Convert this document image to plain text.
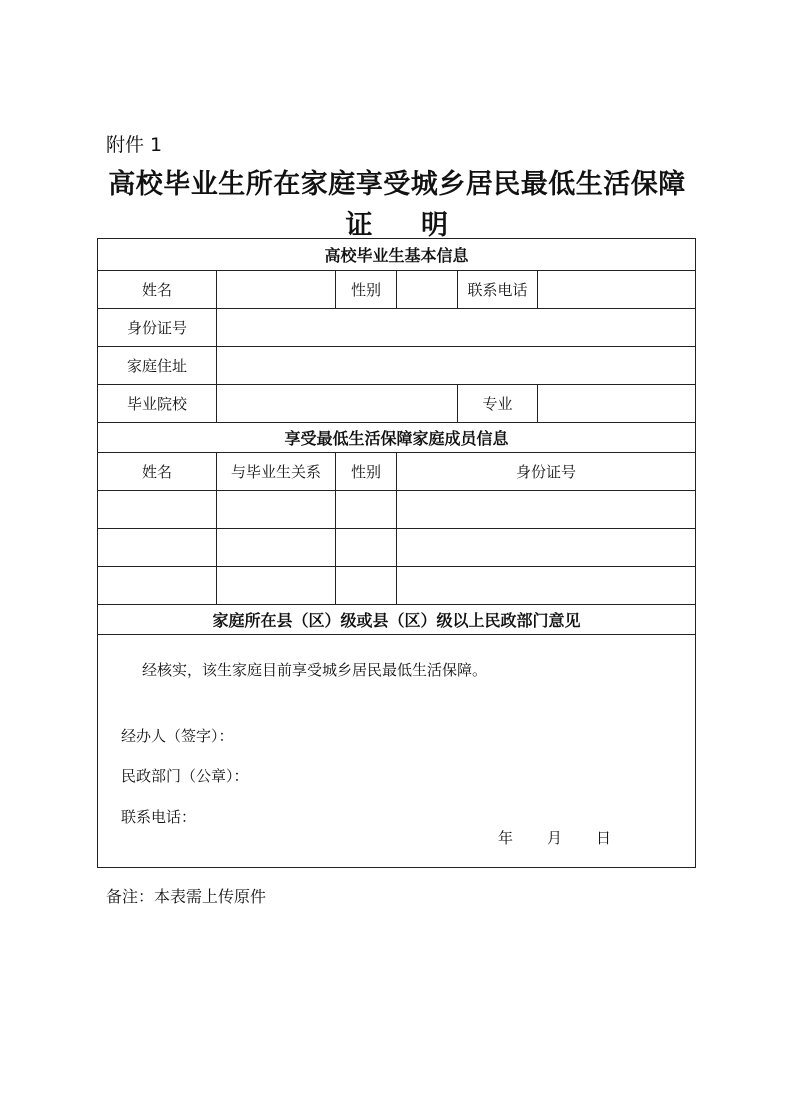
附件 1
高校毕业生所在家庭享受城乡居民最低生活保障
证 明
高校毕业生基本信息					
姓名		性别		联系电话	
身份证号					
家庭住址					
毕业院校				专业	
享受最低生活保障家庭成员信息					
姓名	与毕业生关系	性别	身份证号		

家庭所在县（区）级或县（区）级以上民政部门意见					

经核实，该生家庭目前享受城乡居民最低生活保障。
经办人（签字）：
民政部门（公章）：
联系电话：
年 月 日					
备注：本表需上传原件
